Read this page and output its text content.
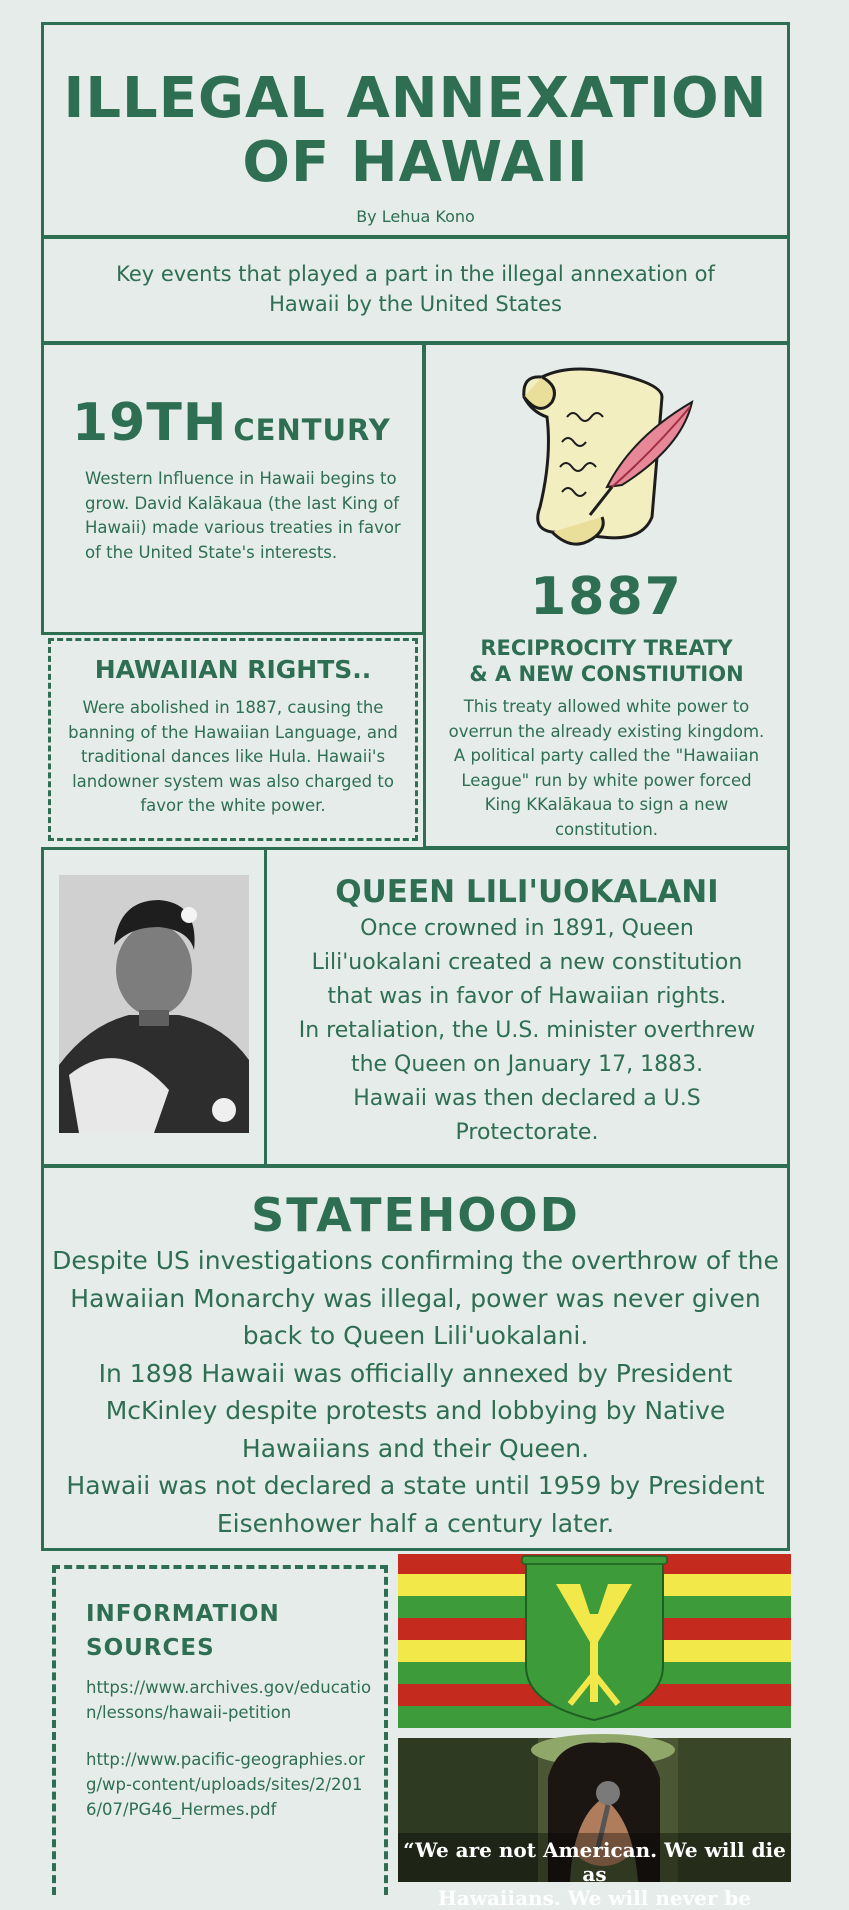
ILLEGAL ANNEXATION
OF HAWAII
By Lehua Kono
Key events that played a part in the illegal annexation of Hawaii by the United States
19TH CENTURY
Western Influence in Hawaii begins to grow. David Kalākaua (the last King of Hawaii) made various treaties in favor of the United State's interests.
1887
RECIPROCITY TREATY
& A NEW CONSTIUTION
This treaty allowed white power to overrun the already existing kingdom. A political party called the "Hawaiian League" run by white power forced King KKalākaua to sign a new constitution.
HAWAIIAN RIGHTS..
Were abolished in 1887, causing the banning of the Hawaiian Language, and traditional dances like Hula. Hawaii's landowner system was also charged to favor the white power.
QUEEN LILI'UOKALANI
Once crowned in 1891, Queen
Lili'uokalani created a new constitution
that was in favor of Hawaiian rights.
In retaliation, the U.S. minister overthrew
the Queen on January 17, 1883.
Hawaii was then declared a U.S
Protectorate.
STATEHOOD
Despite US investigations confirming the overthrow of the
Hawaiian Monarchy was illegal, power was never given
back to Queen Lili'uokalani.
In 1898 Hawaii was officially annexed by President
McKinley despite protests and lobbying by Native
Hawaiians and their Queen.
Hawaii was not declared a state until 1959 by President
Eisenhower half a century later.
INFORMATION
SOURCES
https://www.archives.gov/education/lessons/hawaii-petition
http://www.pacific-geographies.org/wp-content/uploads/sites/2/2016/07/PG46_Hermes.pdf
“We are not American. We will die as
Hawaiians. We will never be
